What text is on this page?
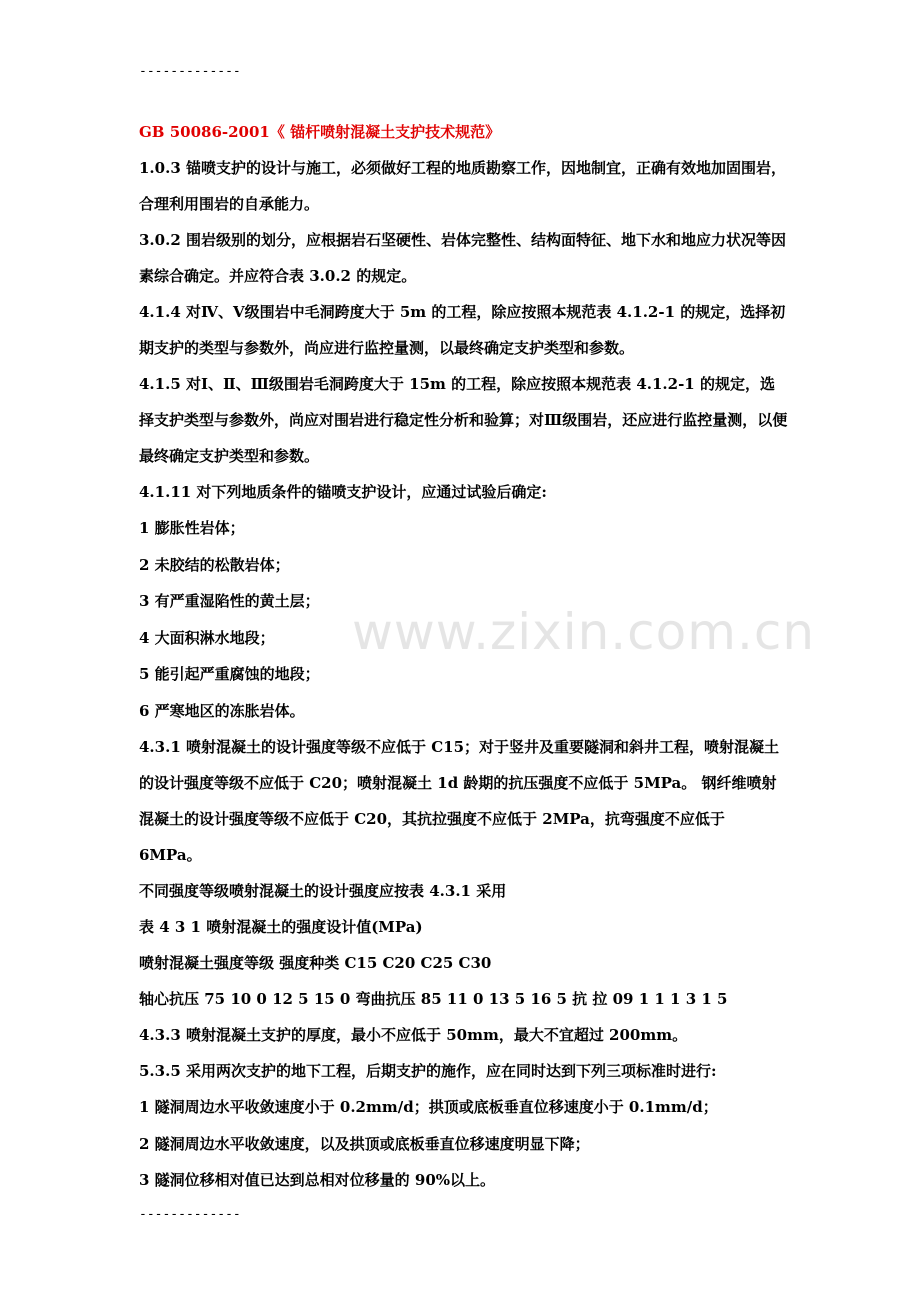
-------------

GB 50086-2001《 锚杆喷射混凝土支护技术规范》

1.0.3 锚喷支护的设计与施工，必须做好工程的地质勘察工作，因地制宜，正确有效地加固围岩，合理利用围岩的自承能力。

3.0.2 围岩级别的划分，应根据岩石坚硬性、岩体完整性、结构面特征、地下水和地应力状况等因素综合确定。并应符合表 3.0.2 的规定。

4.1.4 对Ⅳ、Ⅴ级围岩中毛洞跨度大于 5m 的工程，除应按照本规范表 4.1.2-1 的规定，选择初期支护的类型与参数外，尚应进行监控量测，以最终确定支护类型和参数。

4.1.5 对Ⅰ、Ⅱ、Ⅲ级围岩毛洞跨度大于 15m 的工程，除应按照本规范表 4.1.2-1 的规定，选择支护类型与参数外，尚应对围岩进行稳定性分析和验算；对Ⅲ级围岩，还应进行监控量测，以便最终确定支护类型和参数。

4.1.11 对下列地质条件的锚喷支护设计，应通过试验后确定:

1 膨胀性岩体；

2 未胶结的松散岩体；

3 有严重湿陷性的黄土层；

4 大面积淋水地段；

5 能引起严重腐蚀的地段；

6 严寒地区的冻胀岩体。

4.3.1 喷射混凝土的设计强度等级不应低于 C15；对于竖井及重要隧洞和斜井工程，喷射混凝土的设计强度等级不应低于 C20；喷射混凝土 1d 龄期的抗压强度不应低于 5MPa。 钢纤维喷射混凝土的设计强度等级不应低于 C20，其抗拉强度不应低于 2MPa，抗弯强度不应低于 6MPa。

不同强度等级喷射混凝土的设计强度应按表 4.3.1 采用

表 4 3 1 喷射混凝土的强度设计值(MPa)

喷射混凝土强度等级 强度种类 C15 C20 C25 C30

轴心抗压 75 10 0 12 5 15 0 弯曲抗压 85 11 0 13 5 16 5 抗 拉 09 1 1 1 3 1 5

4.3.3 喷射混凝土支护的厚度，最小不应低于 50mm，最大不宜超过 200mm。

5.3.5 采用两次支护的地下工程，后期支护的施作，应在同时达到下列三项标准时进行:

1 隧洞周边水平收敛速度小于 0.2mm/d；拱顶或底板垂直位移速度小于 0.1mm/d；

2 隧洞周边水平收敛速度，以及拱顶或底板垂直位移速度明显下降；

3 隧洞位移相对值已达到总相对位移量的 90%以上。

www.zixin.com.cn
-------------
